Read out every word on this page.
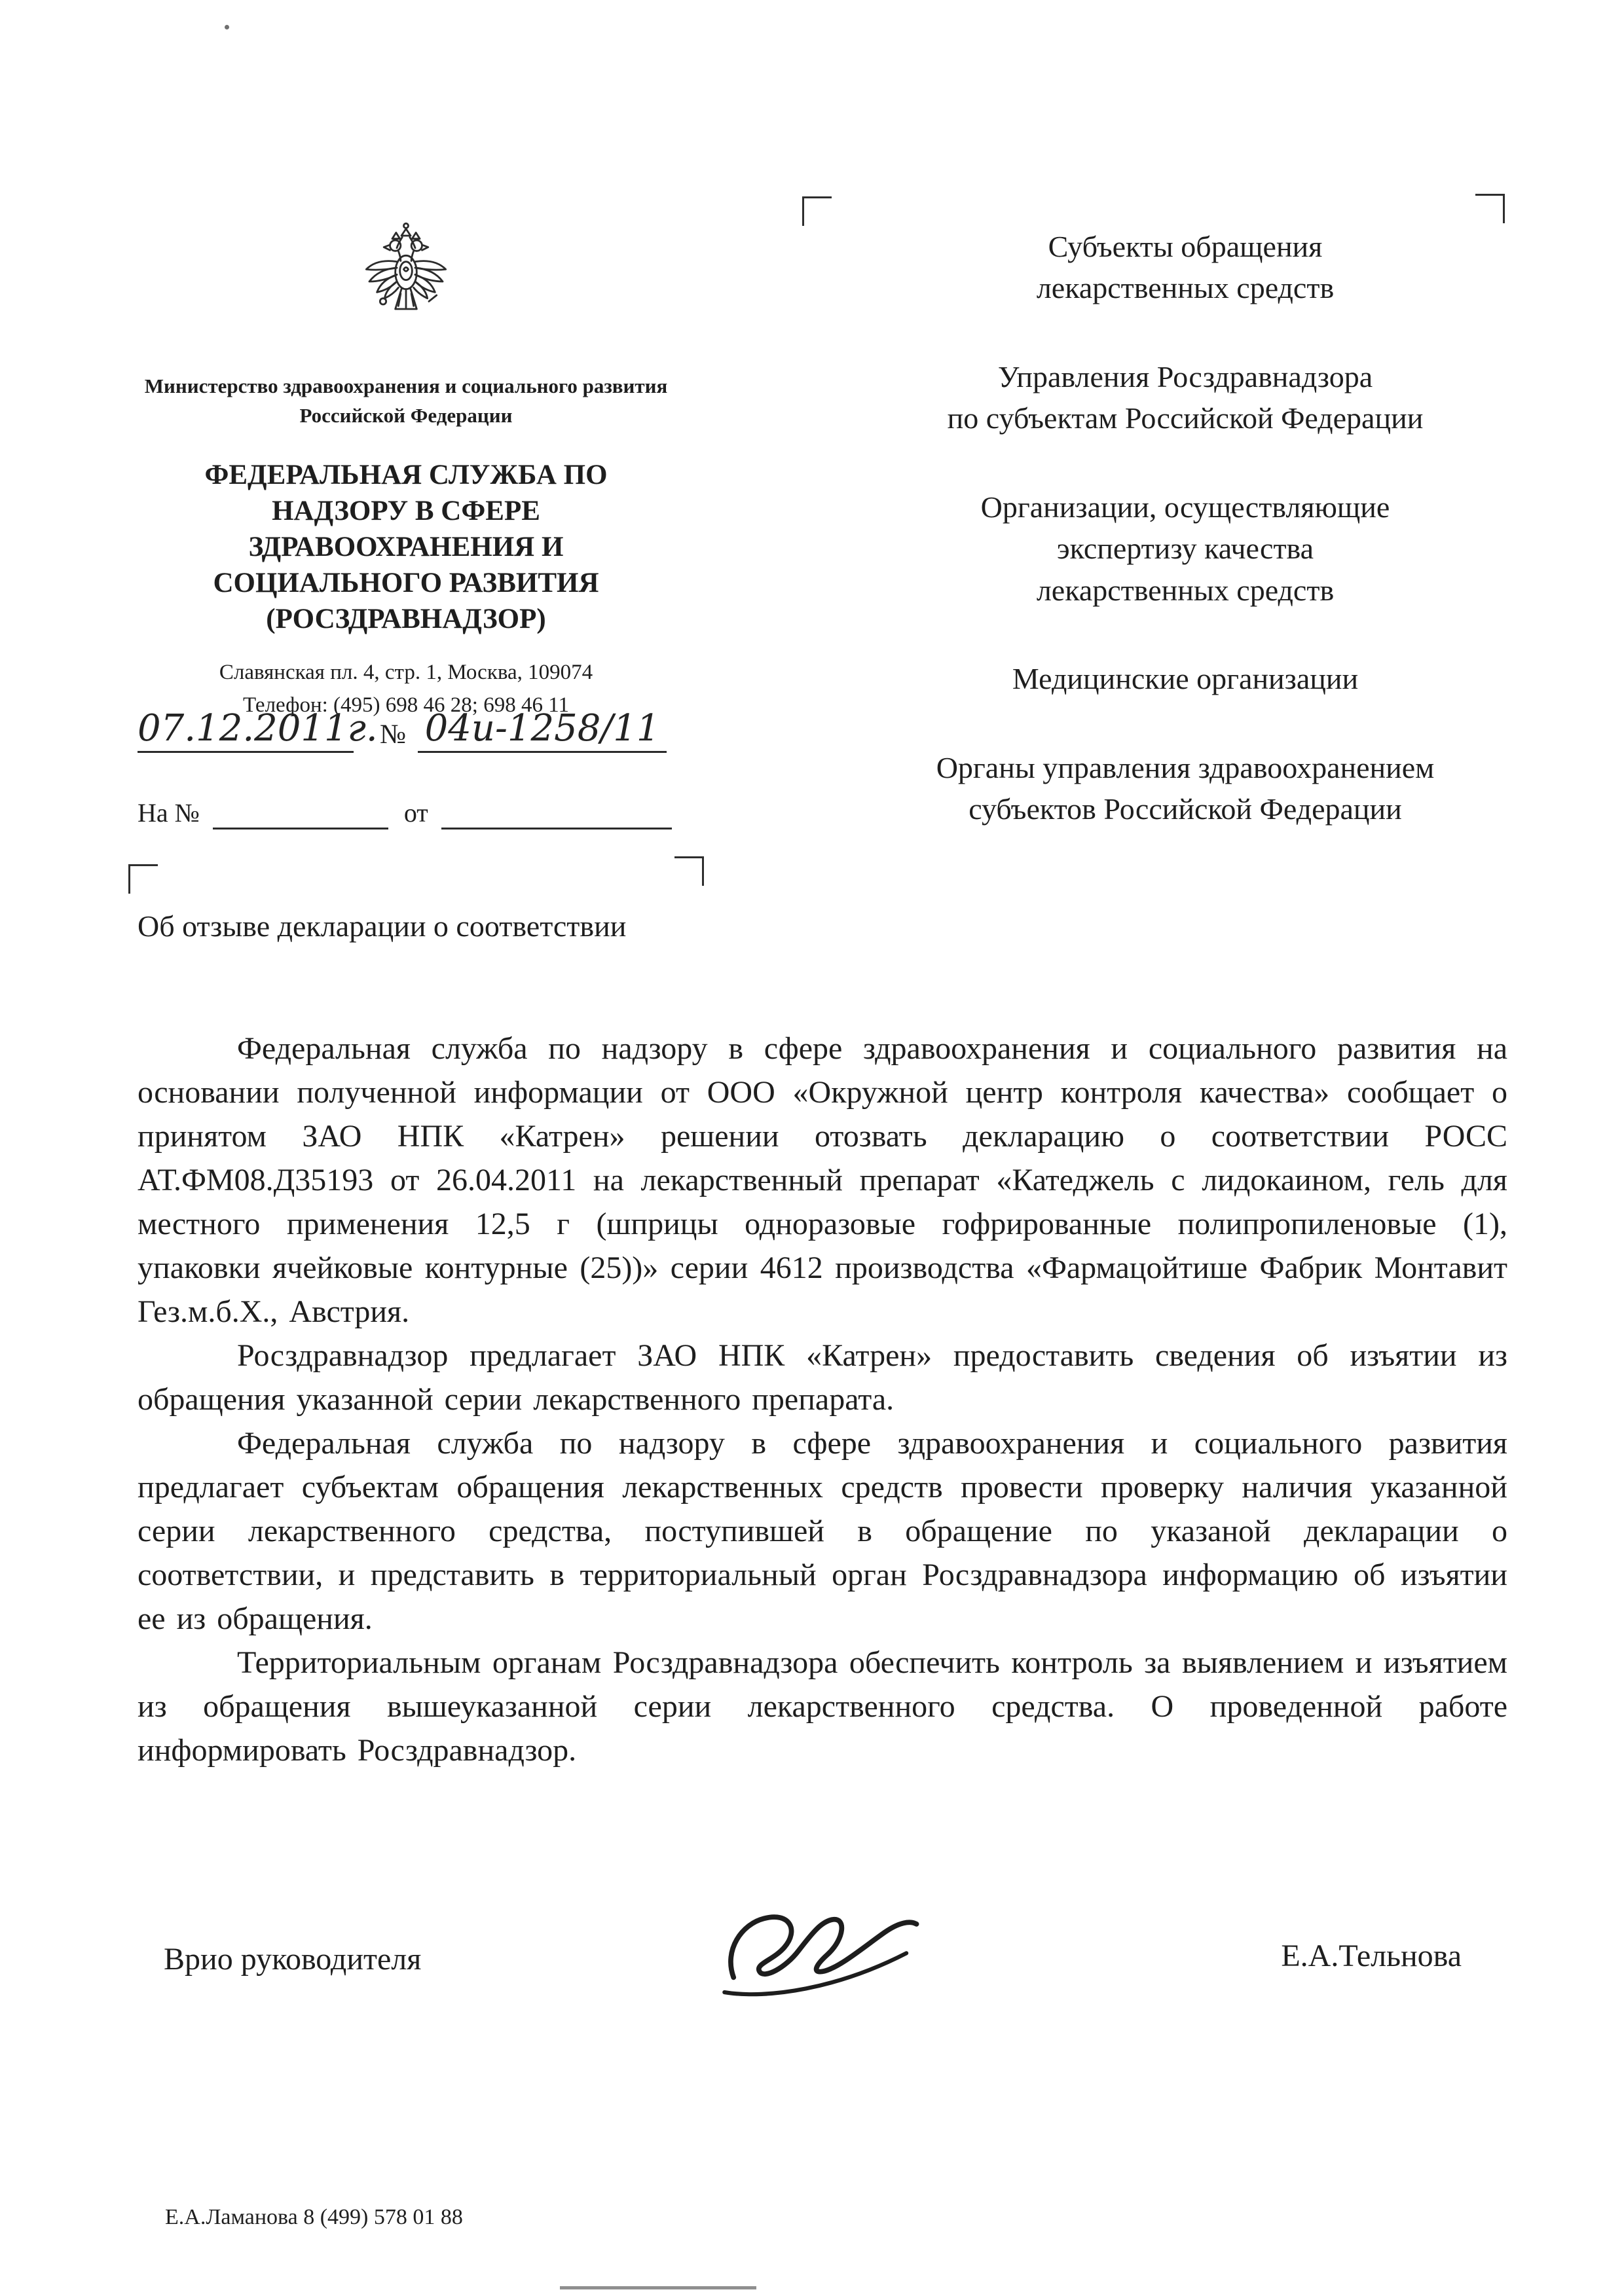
Министерство здравоохранения и социального развития Российской Федерации
ФЕДЕРАЛЬНАЯ СЛУЖБА ПО НАДЗОРУ В СФЕРЕ ЗДРАВООХРАНЕНИЯ И СОЦИАЛЬНОГО РАЗВИТИЯ (РОСЗДРАВНАДЗОР)
Славянская пл. 4, стр. 1, Москва, 109074
Телефон: (495) 698 46 28; 698 46 11
07.12.2011г. № 04и-1258/11
На №	от
Субъекты обращения
лекарственных средств
Управления Росздравнадзора
по субъектам Российской Федерации
Организации, осуществляющие
экспертизу качества
лекарственных средств
Медицинские организации
Органы управления здравоохранением
субъектов Российской Федерации
Об отзыве декларации о соответствии

Федеральная служба по надзору в сфере здравоохранения и социального развития на основании полученной информации от ООО «Окружной центр контроля качества» сообщает о принятом ЗАО НПК «Катрен» решении отозвать декларацию о соответствии РОСС АТ.ФМ08.Д35193 от 26.04.2011 на лекарственный препарат «Катеджель с лидокаином, гель для местного применения 12,5 г (шприцы одноразовые гофрированные полипропиленовые (1), упаковки ячейковые контурные (25))» серии 4612 производства «Фармацойтише Фабрик Монтавит Гез.м.б.Х., Австрия.

Росздравнадзор предлагает ЗАО НПК «Катрен» предоставить сведения об изъятии из обращения указанной серии лекарственного препарата.

Федеральная служба по надзору в сфере здравоохранения и социального развития предлагает субъектам обращения лекарственных средств провести проверку наличия указанной серии лекарственного средства, поступившей в обращение по указаной декларации о соответствии, и представить в территориальный орган Росздравнадзора информацию об изъятии ее из обращения.

Территориальным органам Росздравнадзора обеспечить контроль за выявлением и изъятием из обращения вышеуказанной серии лекарственного средства. О проведенной работе информировать Росздравнадзор.

Врио руководителя	Е.А.Тельнова
Е.А.Ламанова 8 (499) 578 01 88
